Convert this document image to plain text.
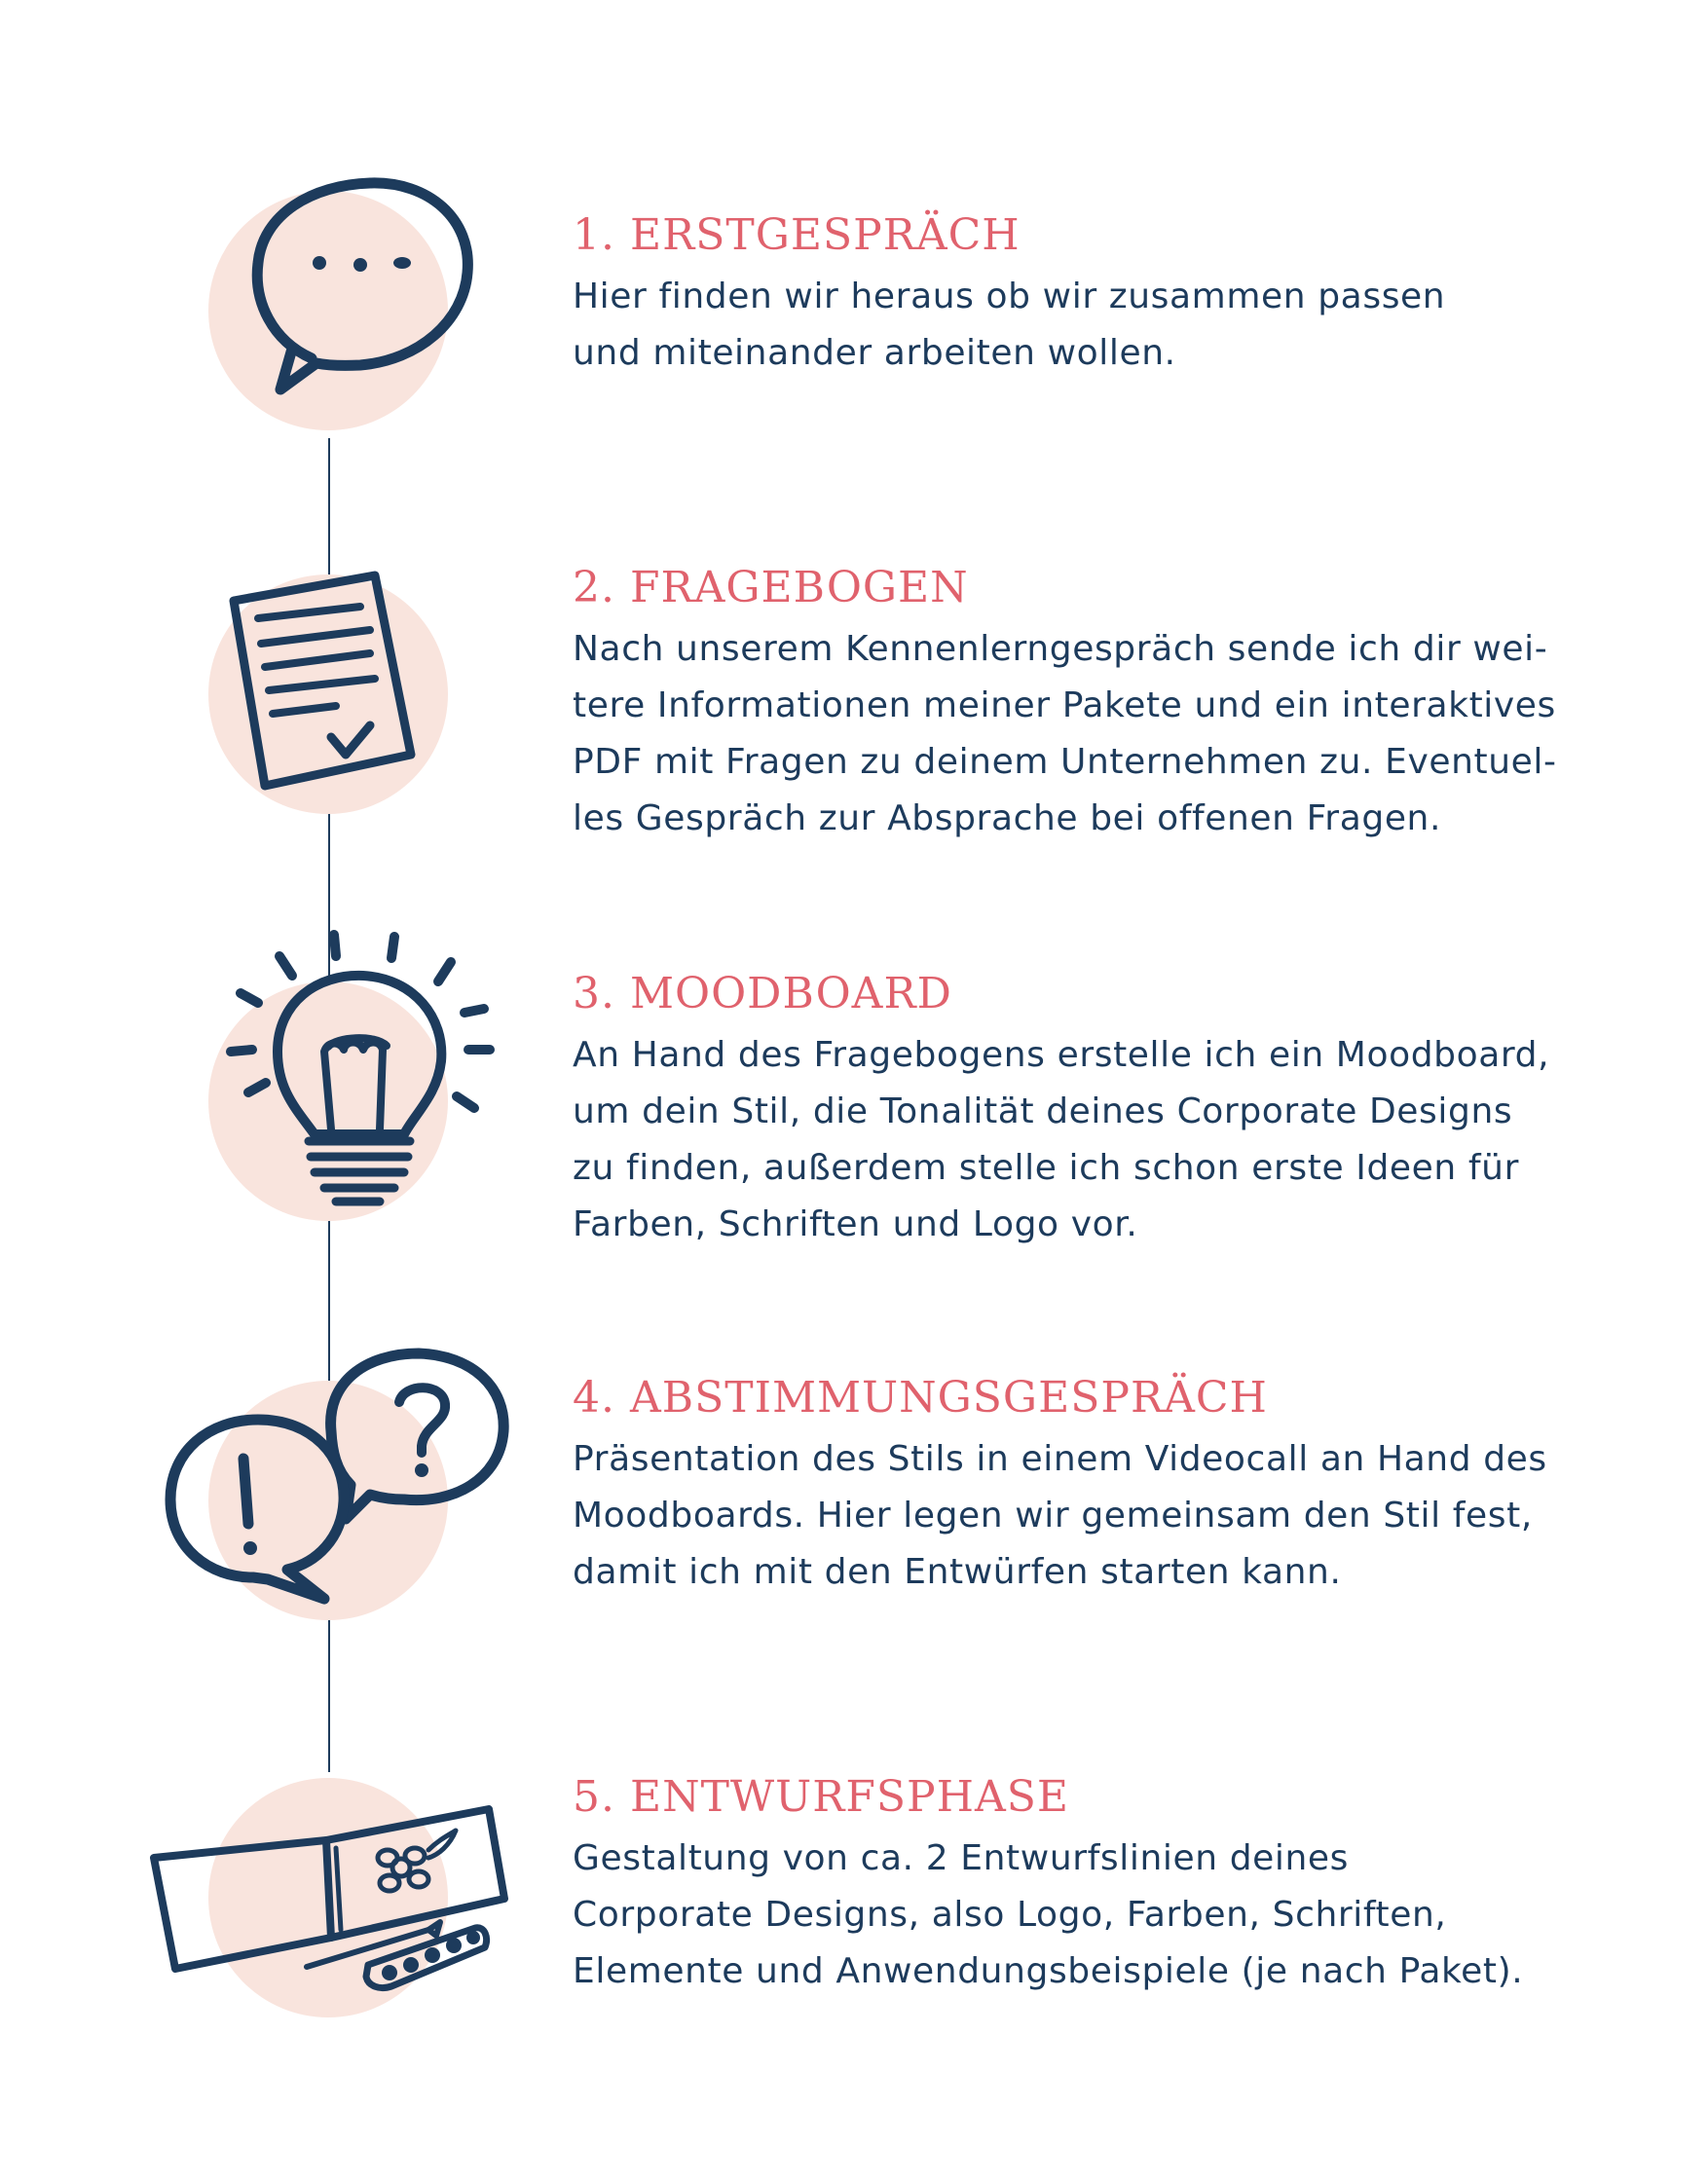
1. ERSTGESPRÄCH

Hier finden wir heraus ob wir zusammen passen
und miteinander arbeiten wollen.

2. FRAGEBOGEN

Nach unserem Kennenlerngespräch sende ich dir wei-
tere Informationen meiner Pakete und ein interaktives
PDF mit Fragen zu deinem Unternehmen zu. Eventuel-
les Gespräch zur Absprache bei offenen Fragen.

3. MOODBOARD

An Hand des Fragebogens erstelle ich ein Moodboard,
um dein Stil, die Tonalität deines Corporate Designs
zu finden, außerdem stelle ich schon erste Ideen für
Farben, Schriften und Logo vor.

4. ABSTIMMUNGSGESPRÄCH

Präsentation des Stils in einem Videocall an Hand des
Moodboards. Hier legen wir gemeinsam den Stil fest,
damit ich mit den Entwürfen starten kann.

5. ENTWURFSPHASE

Gestaltung von ca. 2 Entwurfslinien deines
Corporate Designs, also Logo, Farben, Schriften,
Elemente und Anwendungsbeispiele (je nach Paket).
